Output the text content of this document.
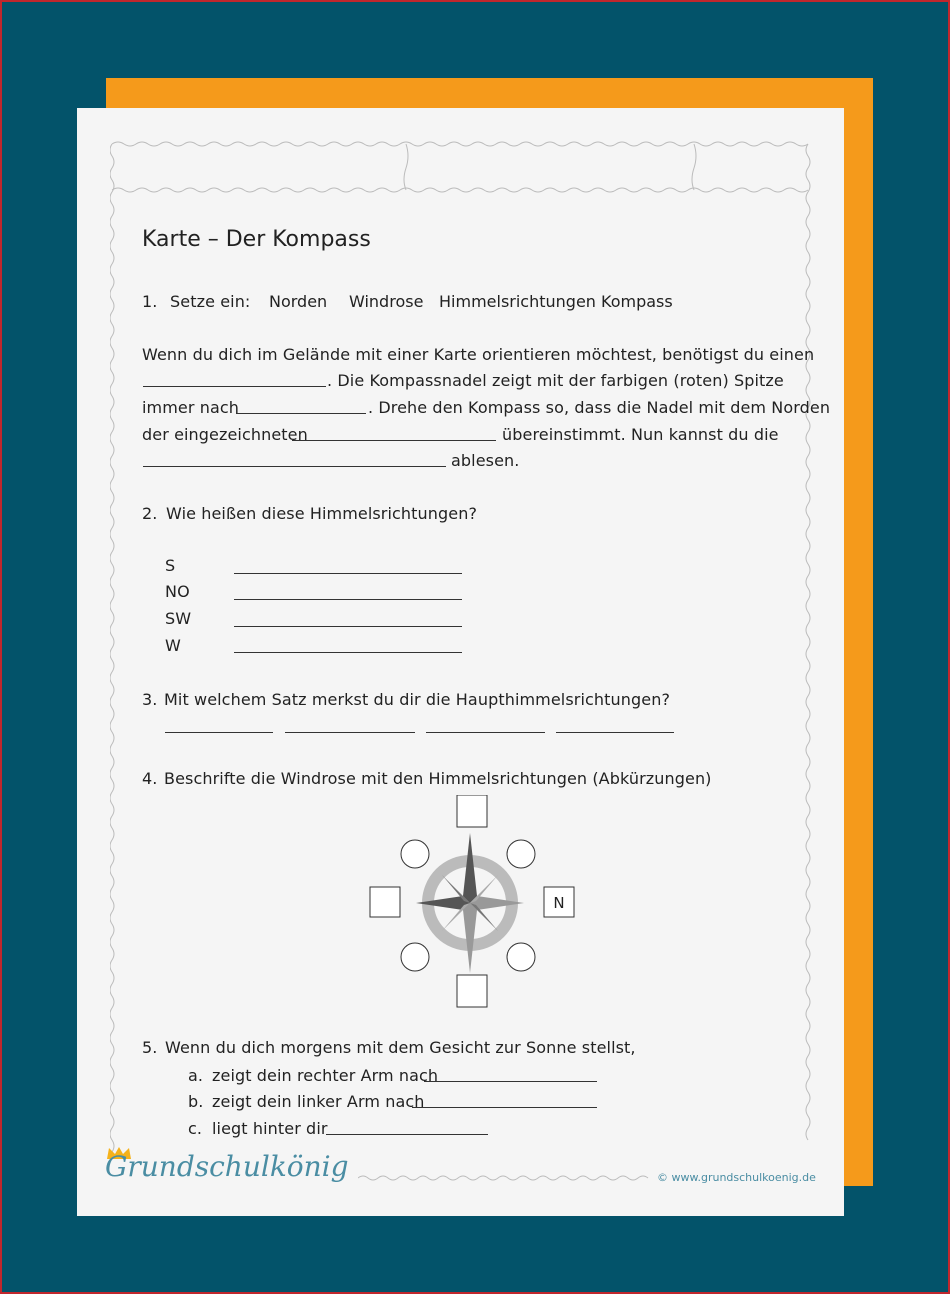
Karte – Der Kompass
1. Setze ein: Norden Windrose Himmelsrichtungen Kompass
Wenn du dich im Gelände mit einer Karte orientieren möchtest, benötigst du einen
. Die Kompassnadel zeigt mit der farbigen (roten) Spitze
immer nach	. Drehe den Kompass so, dass die Nadel mit dem Norden
der eingezeichneten	übereinstimmt. Nun kannst du die
ablesen.
2. Wie heißen diese Himmelsrichtungen?
S
NO
SW
W
3. Mit welchem Satz merkst du dir die Haupthimmelsrichtungen?
4. Beschrifte die Windrose mit den Himmelsrichtungen (Abkürzungen)
N
5. Wenn du dich morgens mit dem Gesicht zur Sonne stellst,
a. zeigt dein rechter Arm nach
b. zeigt dein linker Arm nach
c. liegt hinter dir
Grundschulkönig	© www.grundschulkoenig.de
